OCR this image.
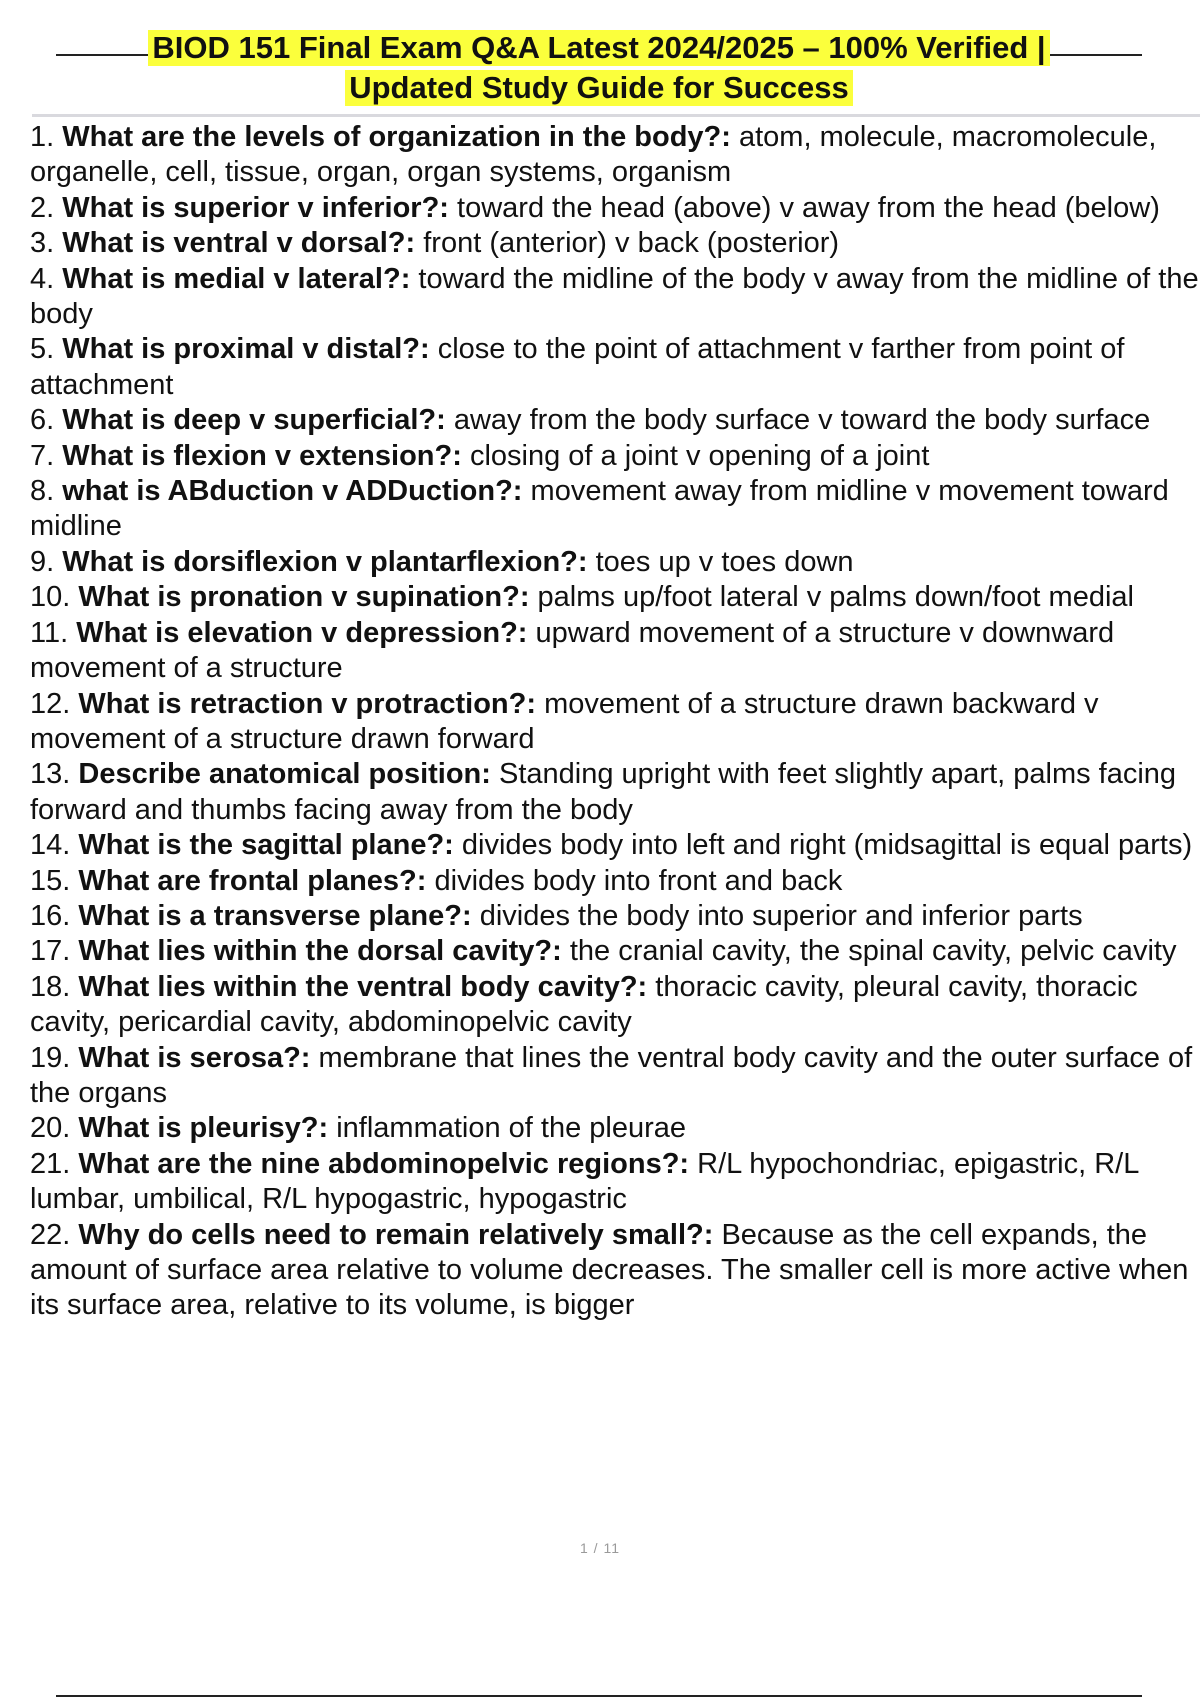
BIOD 151 Final Exam Q&A Latest 2024/2025 – 100% Verified |
Updated Study Guide for Success
1. What are the levels of organization in the body?: atom, molecule, macromolecule, organelle, cell, tissue, organ, organ systems, organism
2. What is superior v inferior?: toward the head (above) v away from the head (below)
3. What is ventral v dorsal?: front (anterior) v back (posterior)
4. What is medial v lateral?: toward the midline of the body v away from the midline of the body
5. What is proximal v distal?: close to the point of attachment v farther from point of attachment
6. What is deep v superficial?: away from the body surface v toward the body surface
7. What is flexion v extension?: closing of a joint v opening of a joint
8. what is ABduction v ADDuction?: movement away from midline v movement toward midline
9. What is dorsiflexion v plantarflexion?: toes up v toes down
10. What is pronation v supination?: palms up/foot lateral v palms down/foot medial
11. What is elevation v depression?: upward movement of a structure v downward movement of a structure
12. What is retraction v protraction?: movement of a structure drawn backward v movement of a structure drawn forward
13. Describe anatomical position: Standing upright with feet slightly apart, palms facing forward and thumbs facing away from the body
14. What is the sagittal plane?: divides body into left and right (midsagittal is equal parts)
15. What are frontal planes?: divides body into front and back
16. What is a transverse plane?: divides the body into superior and inferior parts
17. What lies within the dorsal cavity?: the cranial cavity, the spinal cavity, pelvic cavity
18. What lies within the ventral body cavity?: thoracic cavity, pleural cavity, thoracic cavity, pericardial cavity, abdominopelvic cavity
19. What is serosa?: membrane that lines the ventral body cavity and the outer surface of the organs
20. What is pleurisy?: inflammation of the pleurae
21. What are the nine abdominopelvic regions?: R/L hypochondriac, epigastric, R/L lumbar, umbilical, R/L hypogastric, hypogastric
22. Why do cells need to remain relatively small?: Because as the cell expands, the amount of surface area relative to volume decreases. The smaller cell is more active when its surface area, relative to its volume, is bigger
1 / 11
